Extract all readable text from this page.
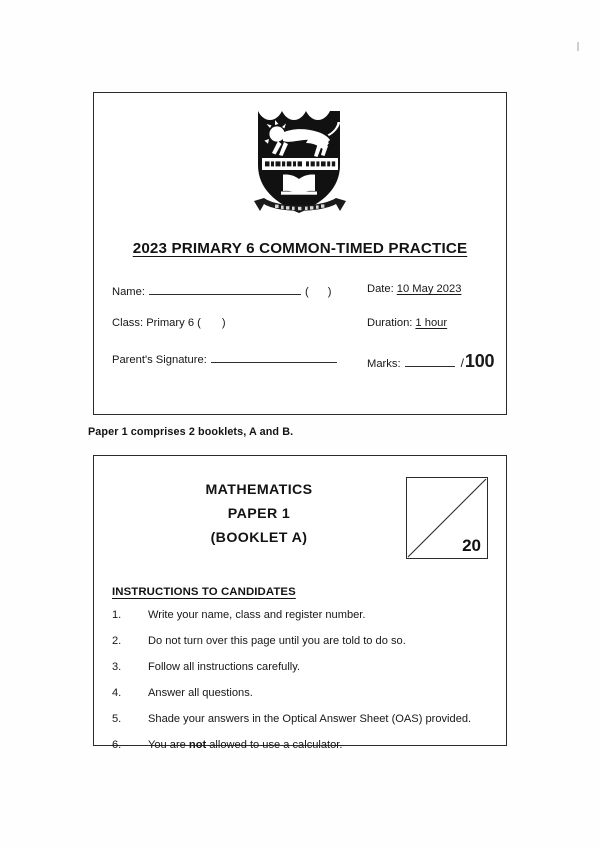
2023 PRIMARY 6 COMMON-TIMED PRACTICE
Name:	( )	Date: 10 May 2023
Class: Primary 6 ( )	Duration: 1 hour
Parent's Signature:	Marks:	/ 100
Paper 1 comprises 2 booklets, A and B.
MATHEMATICS
PAPER 1
(BOOKLET A)	20
INSTRUCTIONS TO CANDIDATES
1.	Write your name, class and register number.
2.	Do not turn over this page until you are told to do so.
3.	Follow all instructions carefully.
4.	Answer all questions.
5.	Shade your answers in the Optical Answer Sheet (OAS) provided.
6.	You are not allowed to use a calculator.
